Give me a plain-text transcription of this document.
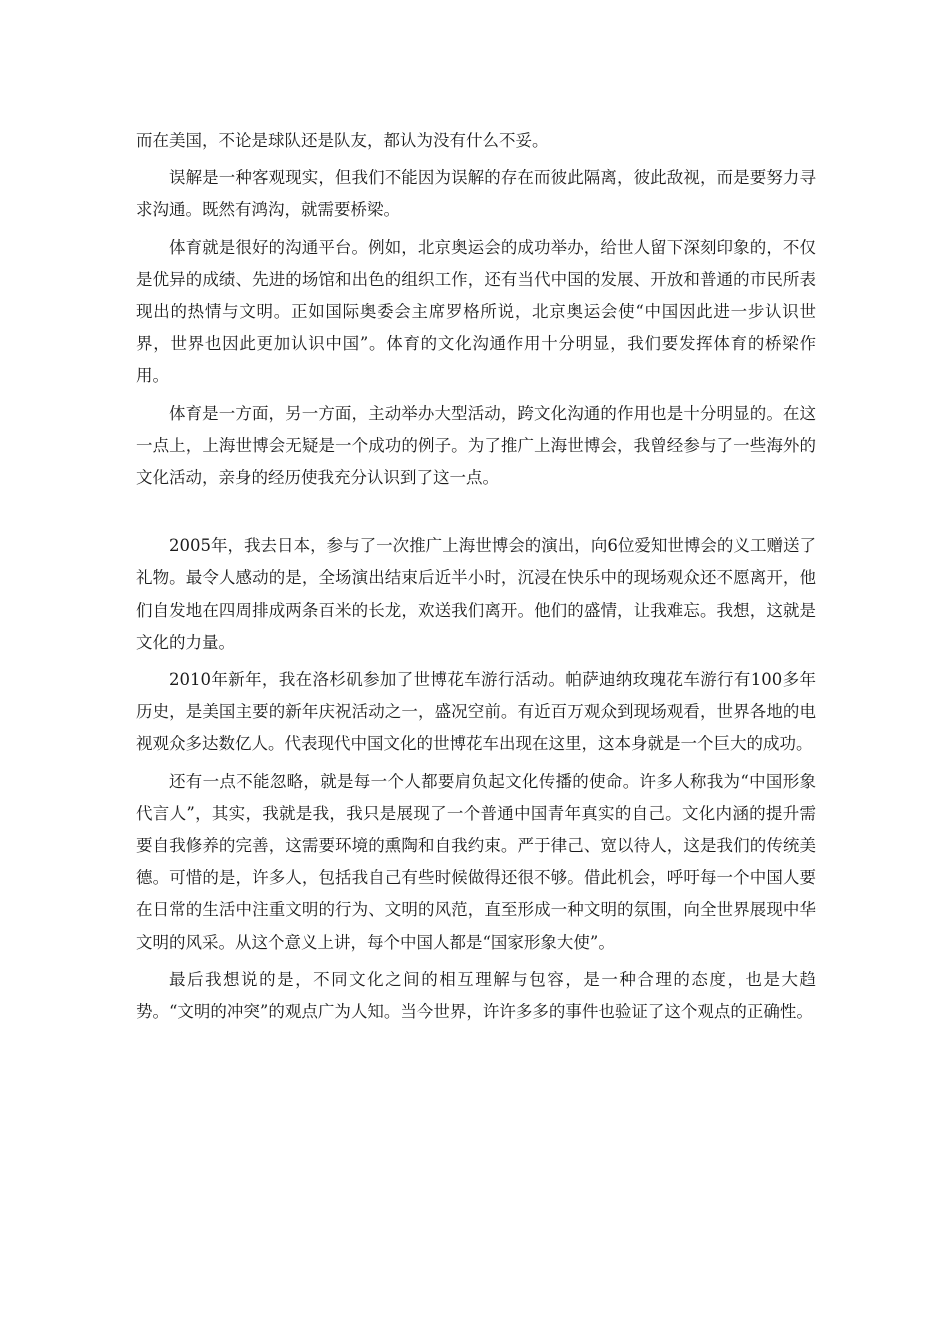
而在美国，不论是球队还是队友，都认为没有什么不妥。

误解是一种客观现实，但我们不能因为误解的存在而彼此隔离，彼此敌视，而是要努力寻求沟通。既然有鸿沟，就需要桥梁。

体育就是很好的沟通平台。例如，北京奥运会的成功举办，给世人留下深刻印象的，不仅是优异的成绩、先进的场馆和出色的组织工作，还有当代中国的发展、开放和普通的市民所表现出的热情与文明。正如国际奥委会主席罗格所说，北京奥运会使“中国因此进一步认识世界，世界也因此更加认识中国”。体育的文化沟通作用十分明显，我们要发挥体育的桥梁作用。

体育是一方面，另一方面，主动举办大型活动，跨文化沟通的作用也是十分明显的。在这一点上，上海世博会无疑是一个成功的例子。为了推广上海世博会，我曾经参与了一些海外的文化活动，亲身的经历使我充分认识到了这一点。

2005年，我去日本，参与了一次推广上海世博会的演出，向6位爱知世博会的义工赠送了礼物。最令人感动的是，全场演出结束后近半小时，沉浸在快乐中的现场观众还不愿离开，他们自发地在四周排成两条百米的长龙，欢送我们离开。他们的盛情，让我难忘。我想，这就是文化的力量。

2010年新年，我在洛杉矶参加了世博花车游行活动。帕萨迪纳玫瑰花车游行有100多年历史，是美国主要的新年庆祝活动之一，盛况空前。有近百万观众到现场观看，世界各地的电视观众多达数亿人。代表现代中国文化的世博花车出现在这里，这本身就是一个巨大的成功。

还有一点不能忽略，就是每一个人都要肩负起文化传播的使命。许多人称我为“中国形象代言人”，其实，我就是我，我只是展现了一个普通中国青年真实的自己。文化内涵的提升需要自我修养的完善，这需要环境的熏陶和自我约束。严于律己、宽以待人，这是我们的传统美德。可惜的是，许多人，包括我自己有些时候做得还很不够。借此机会，呼吁每一个中国人要在日常的生活中注重文明的行为、文明的风范，直至形成一种文明的氛围，向全世界展现中华文明的风采。从这个意义上讲，每个中国人都是“国家形象大使”。

最后我想说的是，不同文化之间的相互理解与包容，是一种合理的态度，也是大趋势。“文明的冲突”的观点广为人知。当今世界，许许多多的事件也验证了这个观点的正确性。
